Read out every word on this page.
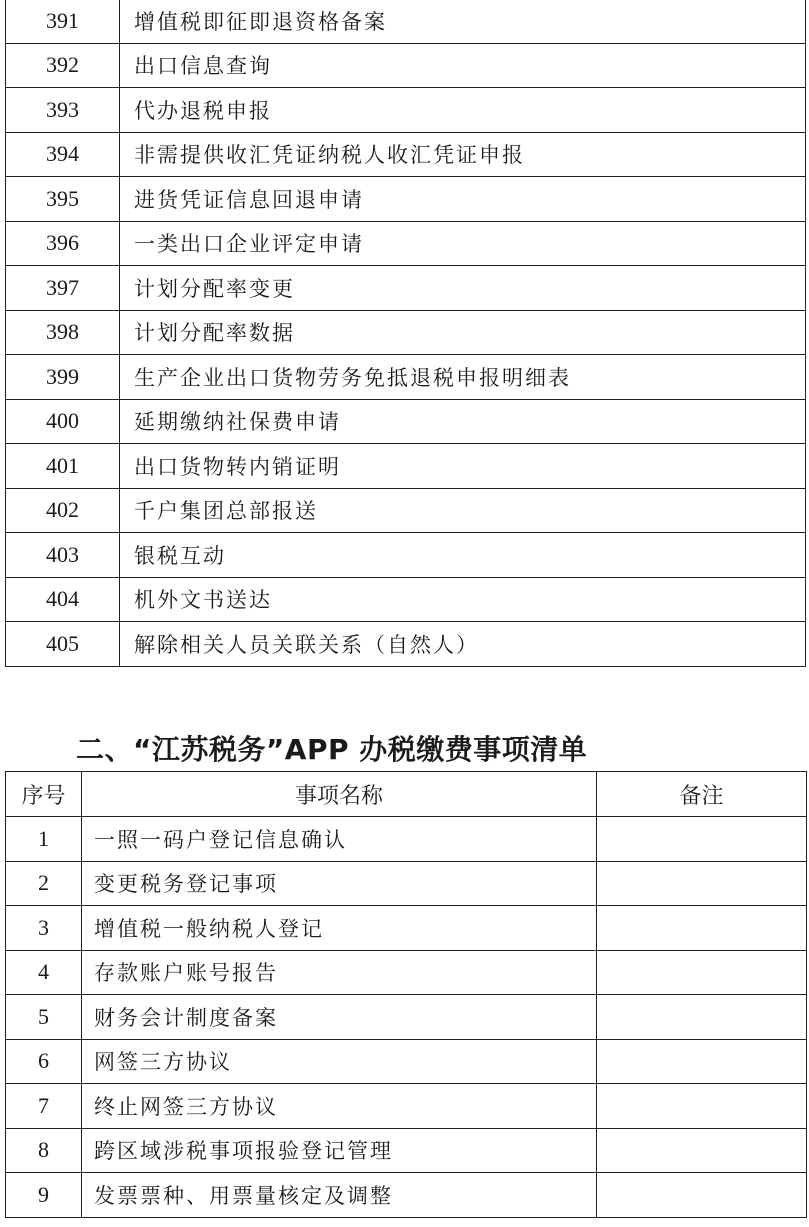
391	增值税即征即退资格备案
392	出口信息查询
393	代办退税申报
394	非需提供收汇凭证纳税人收汇凭证申报
395	进货凭证信息回退申请
396	一类出口企业评定申请
397	计划分配率变更
398	计划分配率数据
399	生产企业出口货物劳务免抵退税申报明细表
400	延期缴纳社保费申请
401	出口货物转内销证明
402	千户集团总部报送
403	银税互动
404	机外文书送达
405	解除相关人员关联关系（自然人）
二、“江苏税务”APP 办税缴费事项清单
序号	事项名称	备注
1	一照一码户登记信息确认	
2	变更税务登记事项	
3	增值税一般纳税人登记	
4	存款账户账号报告	
5	财务会计制度备案	
6	网签三方协议	
7	终止网签三方协议	
8	跨区域涉税事项报验登记管理	
9	发票票种、用票量核定及调整	
